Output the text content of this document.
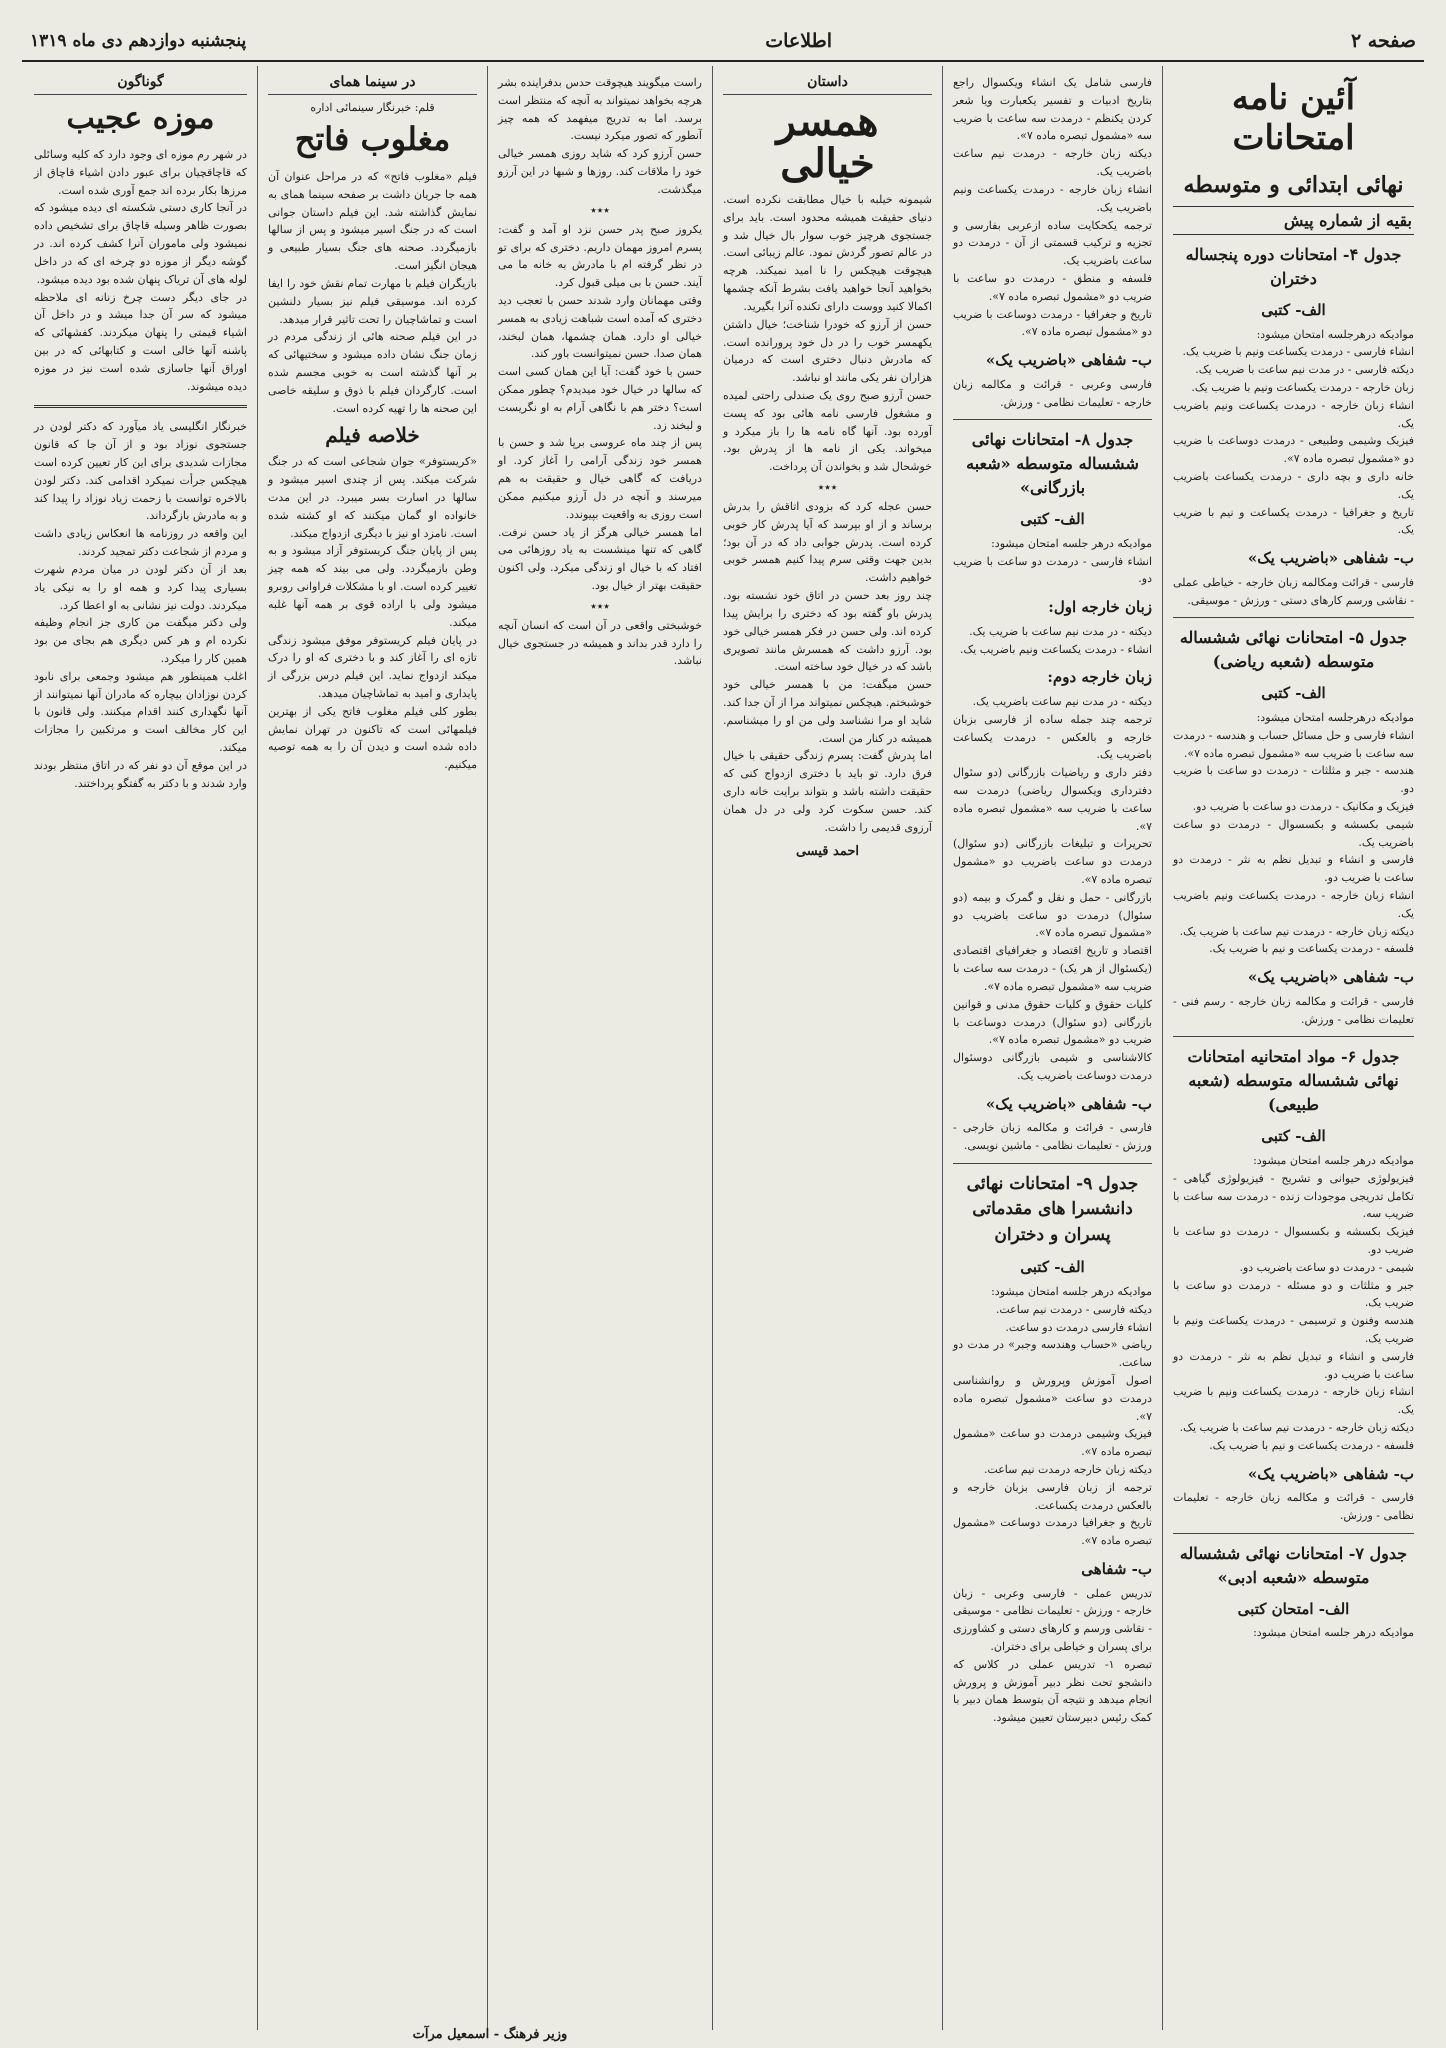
صفحه ۲
اطلاعات
پنجشنبه دوازدهم دی ماه ۱۳۱۹
آئین نامه امتحانات
نهائی ابتدائی و متوسطه
بقیه از شماره پیش
جدول ۴- امتحانات دوره پنجساله دختران
الف- کتبی
موادیکه درهرجلسه امتحان میشود:
انشاء فارسی - درمدت یکساعت ونیم با ضریب یک.
دیکته فارسی - در مدت نیم ساعت با ضریب یک.
زبان خارجه - درمدت یکساعت ونیم با ضریب یک.
انشاء زبان خارجه - درمدت یکساعت ونیم باضریب یک.
فیزیک وشیمی وطبیعی - درمدت دوساعت با ضریب دو «مشمول تبصره ماده ۷».
خانه داری و بچه داری - درمدت یکساعت باضریب یک.
تاریخ و جغرافیا - درمدت یکساعت و نیم با ضریب یک.
ب- شفاهی «باضریب یک»
فارسی - قرائت ومکالمه زبان خارجه - خیاطی عملی - نقاشی ورسم کارهای دستی - ورزش - موسیقی.
جدول ۵- امتحانات نهائی ششساله متوسطه (شعبه ریاضی)
الف- کتبی
موادیکه درهرجلسه امتحان میشود:
انشاء فارسی و حل مسائل حساب و هندسه - درمدت سه ساعت با ضریب سه «مشمول تبصره ماده ۷».
هندسه - جبر و مثلثات - درمدت دو ساعت با ضریب دو.
فیزیک و مکانیک - درمدت دو ساعت با ضریب دو.
شیمی بکسشه و بکسسوال - درمدت دو ساعت باضریب یک.
فارسی و انشاء و تبدیل نظم به نثر - درمدت دو ساعت با ضریب دو.
انشاء زبان خارجه - درمدت یکساعت ونیم باضریب یک.
دیکته زبان خارجه - درمدت نیم ساعت با ضریب یک.
فلسفه - درمدت یکساعت و نیم با ضریب یک.
ب- شفاهی «باضریب یک»
فارسی - قرائت و مکالمه زبان خارجه - رسم فنی - تعلیمات نظامی - ورزش.
جدول ۶- مواد امتحانیه امتحانات نهائی ششساله متوسطه (شعبه طبیعی)
الف- کتبی
موادیکه درهر جلسه امتحان میشود:
فیزیولوژی حیوانی و تشریح - فیزیولوژی گیاهی - تکامل تدریجی موجودات زنده - درمدت سه ساعت با ضریب سه.
فیزیک بکسشه و بکسسوال - درمدت دو ساعت با ضریب دو.
شیمی - درمدت دو ساعت باضریب دو.
جبر و مثلثات و دو مسئله - درمدت دو ساعت با ضریب یک.
هندسه وفنون و ترسیمی - درمدت یکساعت ونیم با ضریب یک.
فارسی و انشاء و تبدیل نظم به نثر - درمدت دو ساعت با ضریب دو.
انشاء زبان خارجه - درمدت یکساعت ونیم با ضریب یک.
دیکته زبان خارجه - درمدت نیم ساعت با ضریب یک.
فلسفه - درمدت یکساعت و نیم با ضریب یک.
ب- شفاهی «باضریب یک»
فارسی - قرائت و مکالمه زبان خارجه - تعلیمات نظامی - ورزش.
جدول ۷- امتحانات نهائی ششساله متوسطه «شعبه ادبی»
الف- امتحان کتبی
موادیکه درهر جلسه امتحان میشود:
فارسی شامل یک انشاء ویکسوال راجع بتاریخ ادبیات و تفسیر یکعبارت ویا شعر کردن یکنظم - درمدت سه ساعت با ضریب سه «مشمول تبصره ماده ۷».
دیکته زبان خارجه - درمدت نیم ساعت باضریب یک.
انشاء زبان خارجه - درمدت یکساعت ونیم باضریب یک.
ترجمه یکحکایت ساده ازعربی بفارسی و تجزیه و ترکیب قسمتی از آن - درمدت دو ساعت باضریب یک.
فلسفه و منطق - درمدت دو ساعت با ضریب دو «مشمول تبصره ماده ۷».
تاریخ و جغرافیا - درمدت دوساعت با ضریب دو «مشمول تبصره ماده ۷».
ب- شفاهی «باضریب یک»
فارسی وعربی - قرائت و مکالمه زبان خارجه - تعلیمات نظامی - ورزش.
جدول ۸- امتحانات نهائی ششساله متوسطه «شعبه بازرگانی»
الف- کتبی
موادیکه درهر جلسه امتحان میشود:
انشاء فارسی - درمدت دو ساعت با ضریب دو.
زبان خارجه اول:
دیکته - در مدت نیم ساعت با ضریب یک.
انشاء - درمدت یکساعت ونیم باضریب یک.
زبان خارجه دوم:
دیکته - در مدت نیم ساعت باضریب یک.
ترجمه چند جمله ساده از فارسی بزبان خارجه و بالعکس - درمدت یکساعت باضریب یک.
دفتر داری و ریاضیات بازرگانی (دو سئوال دفترداری ویکسوال ریاضی) درمدت سه ساعت با ضریب سه «مشمول تبصره ماده ۷».
تحریرات و تبلیغات بازرگانی (دو سئوال) درمدت دو ساعت باضریب دو «مشمول تبصره ماده ۷».
بازرگانی - حمل و نقل و گمرک و بیمه (دو سئوال) درمدت دو ساعت باضریب دو «مشمول تبصره ماده ۷».
اقتصاد و تاریخ اقتصاد و جغرافیای اقتصادی (یکسئوال از هر یک) - درمدت سه ساعت با ضریب سه «مشمول تبصره ماده ۷».
کلیات حقوق و کلیات حقوق مدنی و قوانین بازرگانی (دو سئوال) درمدت دوساعت با ضریب دو «مشمول تبصره ماده ۷».
کالاشناسی و شیمی بازرگانی دوسئوال درمدت دوساعت باضریب یک.
ب- شفاهی «باضریب یک»
فارسی - قرائت و مکالمه زبان خارجی - ورزش - تعلیمات نظامی - ماشین نویسی.
جدول ۹- امتحانات نهائی دانشسرا های مقدماتی پسران و دختران
الف- کتبی
موادیکه درهر جلسه امتحان میشود:
دیکته فارسی - درمدت نیم ساعت.
انشاء فارسی درمدت دو ساعت.
ریاضی «حساب وهندسه وجبر» در مدت دو ساعت.
اصول آموزش وپرورش و روانشناسی درمدت دو ساعت «مشمول تبصره ماده ۷».
فیزیک وشیمی درمدت دو ساعت «مشمول تبصره ماده ۷».
دیکته زبان خارجه درمدت نیم ساعت.
ترجمه از زبان فارسی بزبان خارجه و بالعکس درمدت یکساعت.
تاریخ و جغرافیا درمدت دوساعت «مشمول تبصره ماده ۷».
ب- شفاهی
تدریس عملی - فارسی وعربی - زبان خارجه - ورزش - تعلیمات نظامی - موسیقی - نقاشی ورسم و کارهای دستی و کشاورزی برای پسران و خیاطی برای دختران.
تبصره ۱- تدریس عملی در کلاس که دانشجو تحت نظر دبیر آموزش و پرورش انجام میدهد و نتیجه آن بتوسط همان دبیر با کمک رئیس دبیرستان تعیین میشود.
داستان
همسر خیالی
شیمونه خیلبه با خیال مطابقت نکرده است. دنیای حقیقت همیشه محدود است. باید برای جستجوی هرچیز خوب سوار بال خیال شد و در عالم تصور گردش نمود. عالم زیبائی است. هیچوقت هیچکس را نا امید نمیکند. هرچه بخواهید آنجا خواهید یافت بشرط آنکه چشمها اکمالا کنید ووست دارای تکنده آنرا بگیرید.
حسن از آرزو که خودرا شناخت؛ خیال داشتن یکهمسر خوب را در دل خود پرورانده است. که مادرش دنبال دختری است که درمیان هزاران نفر یکی مانند او نباشد.
حسن آرزو صبح روی یک صندلی راحتی لمیده و مشغول فارسی نامه هائی بود که پست آورده بود. آنها گاه نامه ها را باز میکرد و میخواند. یکی از نامه ها از پدرش بود. خوشحال شد و بخواندن آن پرداخت.
٭٭٭
حسن عجله کرد که بزودی اتاقش را بدرش برساند و از او بپرسد که آیا پدرش کار خوبی کرده است. پدرش جوابی داد که در آن بود؛ بدین جهت وقتی سرم پیدا کنیم همسر خوبی خواهیم داشت.
چند روز بعد حسن در اتاق خود نشسته بود. پدرش باو گفته بود که دختری را برایش پیدا کرده اند. ولی حسن در فکر همسر خیالی خود بود. آرزو داشت که همسرش مانند تصویری باشد که در خیال خود ساخته است.
حسن میگفت: من با همسر خیالی خود خوشبختم. هیچکس نمیتواند مرا از آن جدا کند. شاید او مرا نشناسد ولی من او را میشناسم. همیشه در کنار من است.
اما پدرش گفت: پسرم زندگی حقیقی با خیال فرق دارد. تو باید با دختری ازدواج کنی که حقیقت داشته باشد و بتواند برایت خانه داری کند. حسن سکوت کرد ولی در دل همان آرزوی قدیمی را داشت.
احمد قیسی
راست میگویند هیچوقت حدس بدفراینده بشر هرچه بخواهد نمیتواند به آنچه که منتظر است برسد. اما به تدریج میفهمد که همه چیز آنطور که تصور میکرد نیست.
حسن آرزو کرد که شاید روزی همسر خیالی خود را ملاقات کند. روزها و شبها در این آرزو میگذشت.
٭٭٭
یکروز صبح پدر حسن نزد او آمد و گفت: پسرم امروز مهمان داریم. دختری که برای تو در نظر گرفته ام با مادرش به خانه ما می آیند. حسن با بی میلی قبول کرد.
وقتی مهمانان وارد شدند حسن با تعجب دید دختری که آمده است شباهت زیادی به همسر خیالی او دارد. همان چشمها، همان لبخند، همان صدا. حسن نمیتوانست باور کند.
حسن با خود گفت: آیا این همان کسی است که سالها در خیال خود میدیدم؟ چطور ممکن است؟ دختر هم با نگاهی آرام به او نگریست و لبخند زد.
پس از چند ماه عروسی برپا شد و حسن با همسر خود زندگی آرامی را آغاز کرد. او دریافت که گاهی خیال و حقیقت به هم میرسند و آنچه در دل آرزو میکنیم ممکن است روزی به واقعیت بپیوندد.
اما همسر خیالی هرگز از یاد حسن نرفت. گاهی که تنها مینشست به یاد روزهائی می افتاد که با خیال او زندگی میکرد. ولی اکنون حقیقت بهتر از خیال بود.
٭٭٭
خوشبختی واقعی در آن است که انسان آنچه را دارد قدر بداند و همیشه در جستجوی خیال نباشد.
در سینما همای
قلم: خبرنگار سینمائی اداره
مغلوب فاتح
فیلم «مغلوب فاتح» که در مراحل عنوان آن همه جا جریان داشت بر صفحه سینما همای به نمایش گذاشته شد. این فیلم داستان جوانی است که در جنگ اسیر میشود و پس از سالها بازمیگردد. صحنه های جنگ بسیار طبیعی و هیجان انگیز است.
بازیگران فیلم با مهارت تمام نقش خود را ایفا کرده اند. موسیقی فیلم نیز بسیار دلنشین است و تماشاچیان را تحت تاثیر قرار میدهد.
در این فیلم صحنه هائی از زندگی مردم در زمان جنگ نشان داده میشود و سختیهائی که بر آنها گذشته است به خوبی مجسم شده است. کارگردان فیلم با ذوق و سلیقه خاصی این صحنه ها را تهیه کرده است.
خلاصه فیلم
«کریستوفر» جوان شجاعی است که در جنگ شرکت میکند. پس از چندی اسیر میشود و سالها در اسارت بسر میبرد. در این مدت خانواده او گمان میکنند که او کشته شده است. نامزد او نیز با دیگری ازدواج میکند.
پس از پایان جنگ کریستوفر آزاد میشود و به وطن بازمیگردد. ولی می بیند که همه چیز تغییر کرده است. او با مشکلات فراوانی روبرو میشود ولی با اراده قوی بر همه آنها غلبه میکند.
در پایان فیلم کریستوفر موفق میشود زندگی تازه ای را آغاز کند و با دختری که او را درک میکند ازدواج نماید. این فیلم درس بزرگی از پایداری و امید به تماشاچیان میدهد.
بطور کلی فیلم مغلوب فاتح یکی از بهترین فیلمهائی است که تاکنون در تهران نمایش داده شده است و دیدن آن را به همه توصیه میکنیم.
گوناگون
موزه عجیب
در شهر رم موزه ای وجود دارد که کلیه وسائلی که قاچاقچیان برای عبور دادن اشیاء قاچاق از مرزها بکار برده اند جمع آوری شده است.
در آنجا کاری دستی شکسته ای دیده میشود که بصورت ظاهر وسیله قاچاق برای تشخیص داده نمیشود ولی ماموران آنرا کشف کرده اند. در گوشه دیگر از موزه دو چرخه ای که در داخل لوله های آن تریاک پنهان شده بود دیده میشود.
در جای دیگر دست چرخ زنانه ای ملاحظه میشود که سر آن جدا میشد و در داخل آن اشیاء قیمتی را پنهان میکردند. کفشهائی که پاشنه آنها خالی است و کتابهائی که در بین اوراق آنها جاسازی شده است نیز در موزه دیده میشوند.
خبرنگار انگلیسی یاد میآورد که دکتر لودن در جستجوی نوزاد بود و از آن جا که قانون مجازات شدیدی برای این کار تعیین کرده است هیچکس جرأت نمیکرد اقدامی کند. دکتر لودن بالاخره توانست با زحمت زیاد نوزاد را پیدا کند و به مادرش بازگرداند.
این واقعه در روزنامه ها انعکاس زیادی داشت و مردم از شجاعت دکتر تمجید کردند.
بعد از آن دکتر لودن در میان مردم شهرت بسیاری پیدا کرد و همه او را به نیکی یاد میکردند. دولت نیز نشانی به او اعطا کرد.
ولی دکتر میگفت من کاری جز انجام وظیفه نکرده ام و هر کس دیگری هم بجای من بود همین کار را میکرد.
اغلب همینطور هم میشود وجمعی برای نابود کردن نوزادان بیچاره که مادران آنها نمیتوانند از آنها نگهداری کنند اقدام میکنند. ولی قانون با این کار مخالف است و مرتکبین را مجازات میکند.
در این موقع آن دو نفر که در اتاق منتظر بودند وارد شدند و با دکتر به گفتگو پرداختند.
وزیر فرهنگ - اسمعیل مرآت
